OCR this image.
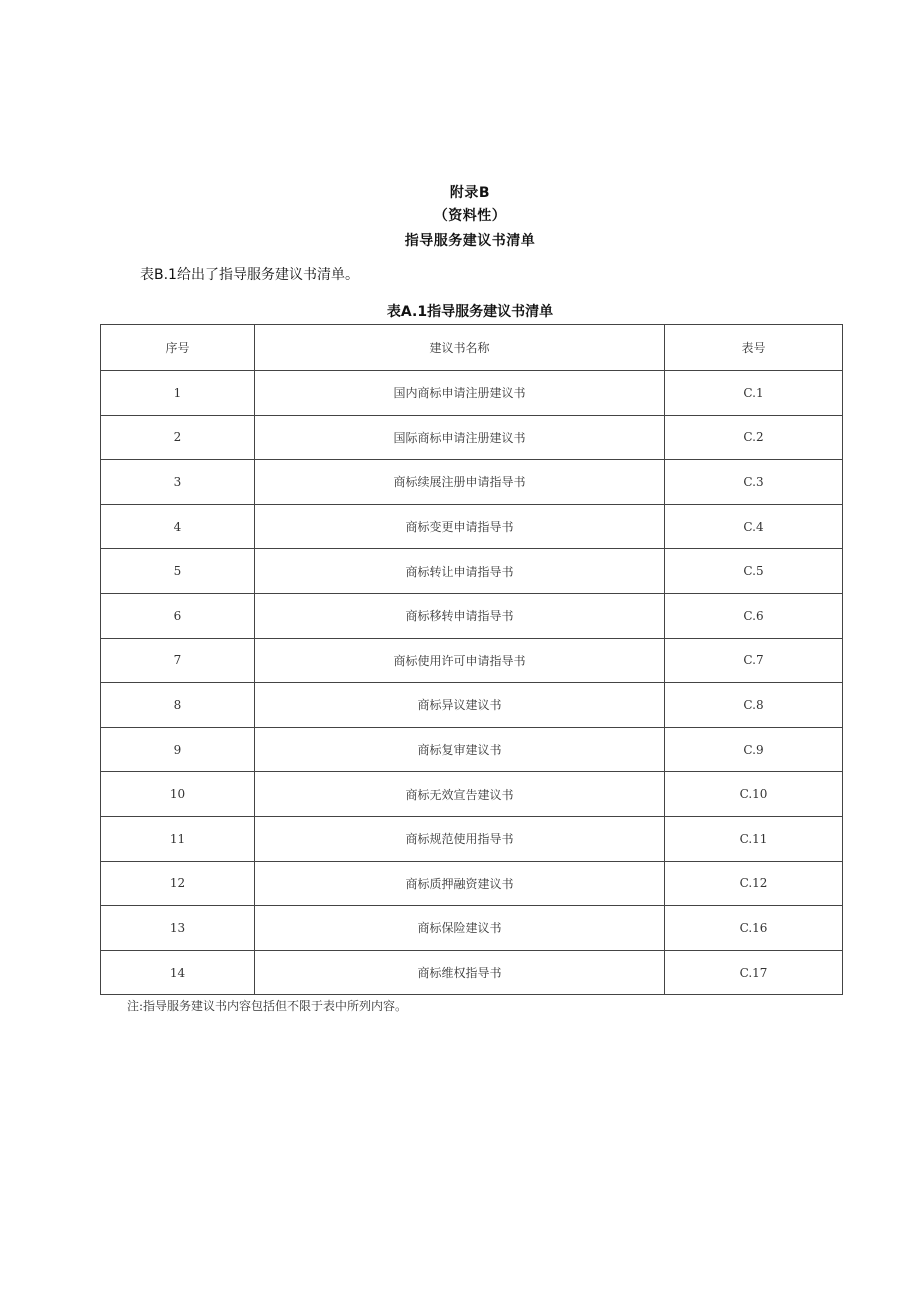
附录B
（资料性）
指导服务建议书清单
表B.1给出了指导服务建议书清单。
表A.1指导服务建议书清单
序号	建议书名称	表号
1	国内商标申请注册建议书	C.1
2	国际商标申请注册建议书	C.2
3	商标续展注册申请指导书	C.3
4	商标变更申请指导书	C.4
5	商标转让申请指导书	C.5
6	商标移转申请指导书	C.6
7	商标使用许可申请指导书	C.7
8	商标异议建议书	C.8
9	商标复审建议书	C.9
10	商标无效宣告建议书	C.10
11	商标规范使用指导书	C.11
12	商标质押融资建议书	C.12
13	商标保险建议书	C.16
14	商标维权指导书	C.17
注:指导服务建议书内容包括但不限于表中所列内容。
